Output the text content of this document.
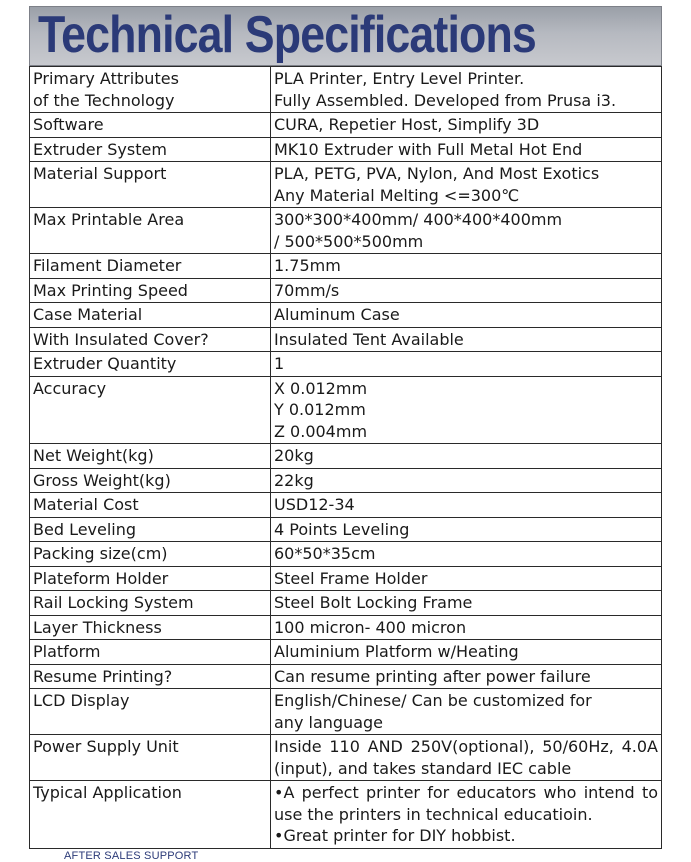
Technical Specifications
Primary Attributes
of the Technology	PLA Printer, Entry Level Printer.
Fully Assembled. Developed from Prusa i3.

Software	CURA, Repetier Host, Simplify 3D

Extruder System	MK10 Extruder with Full Metal Hot End

Material Support	PLA, PETG, PVA, Nylon, And Most Exotics
Any Material Melting <=300℃

Max Printable Area	300*300*400mm/ 400*400*400mm
/ 500*500*500mm

Filament Diameter	1.75mm

Max Printing Speed	70mm/s

Case Material	Aluminum Case

With Insulated Cover?	Insulated Tent Available

Extruder Quantity	1

Accuracy	X 0.012mm
Y 0.012mm
Z 0.004mm

Net Weight(kg)	20kg

Gross Weight(kg)	22kg

Material Cost	USD12-34

Bed Leveling	4 Points Leveling

Packing size(cm)	60*50*35cm

Plateform Holder	Steel Frame Holder

Rail Locking System	Steel Bolt Locking Frame

Layer Thickness	100 micron- 400 micron

Platform	Aluminium Platform w/Heating

Resume Printing?	Can resume printing after power failure

LCD Display	English/Chinese/ Can be customized for
any language

Power Supply Unit	Inside 110 AND 250V(optional), 50/60Hz, 4.0A
(input), and takes standard IEC cable

Typical Application	•A perfect printer for educators who intend to
use the printers in technical educatioin.
•Great printer for DIY hobbist.
AFTER SALES SUPPORT
